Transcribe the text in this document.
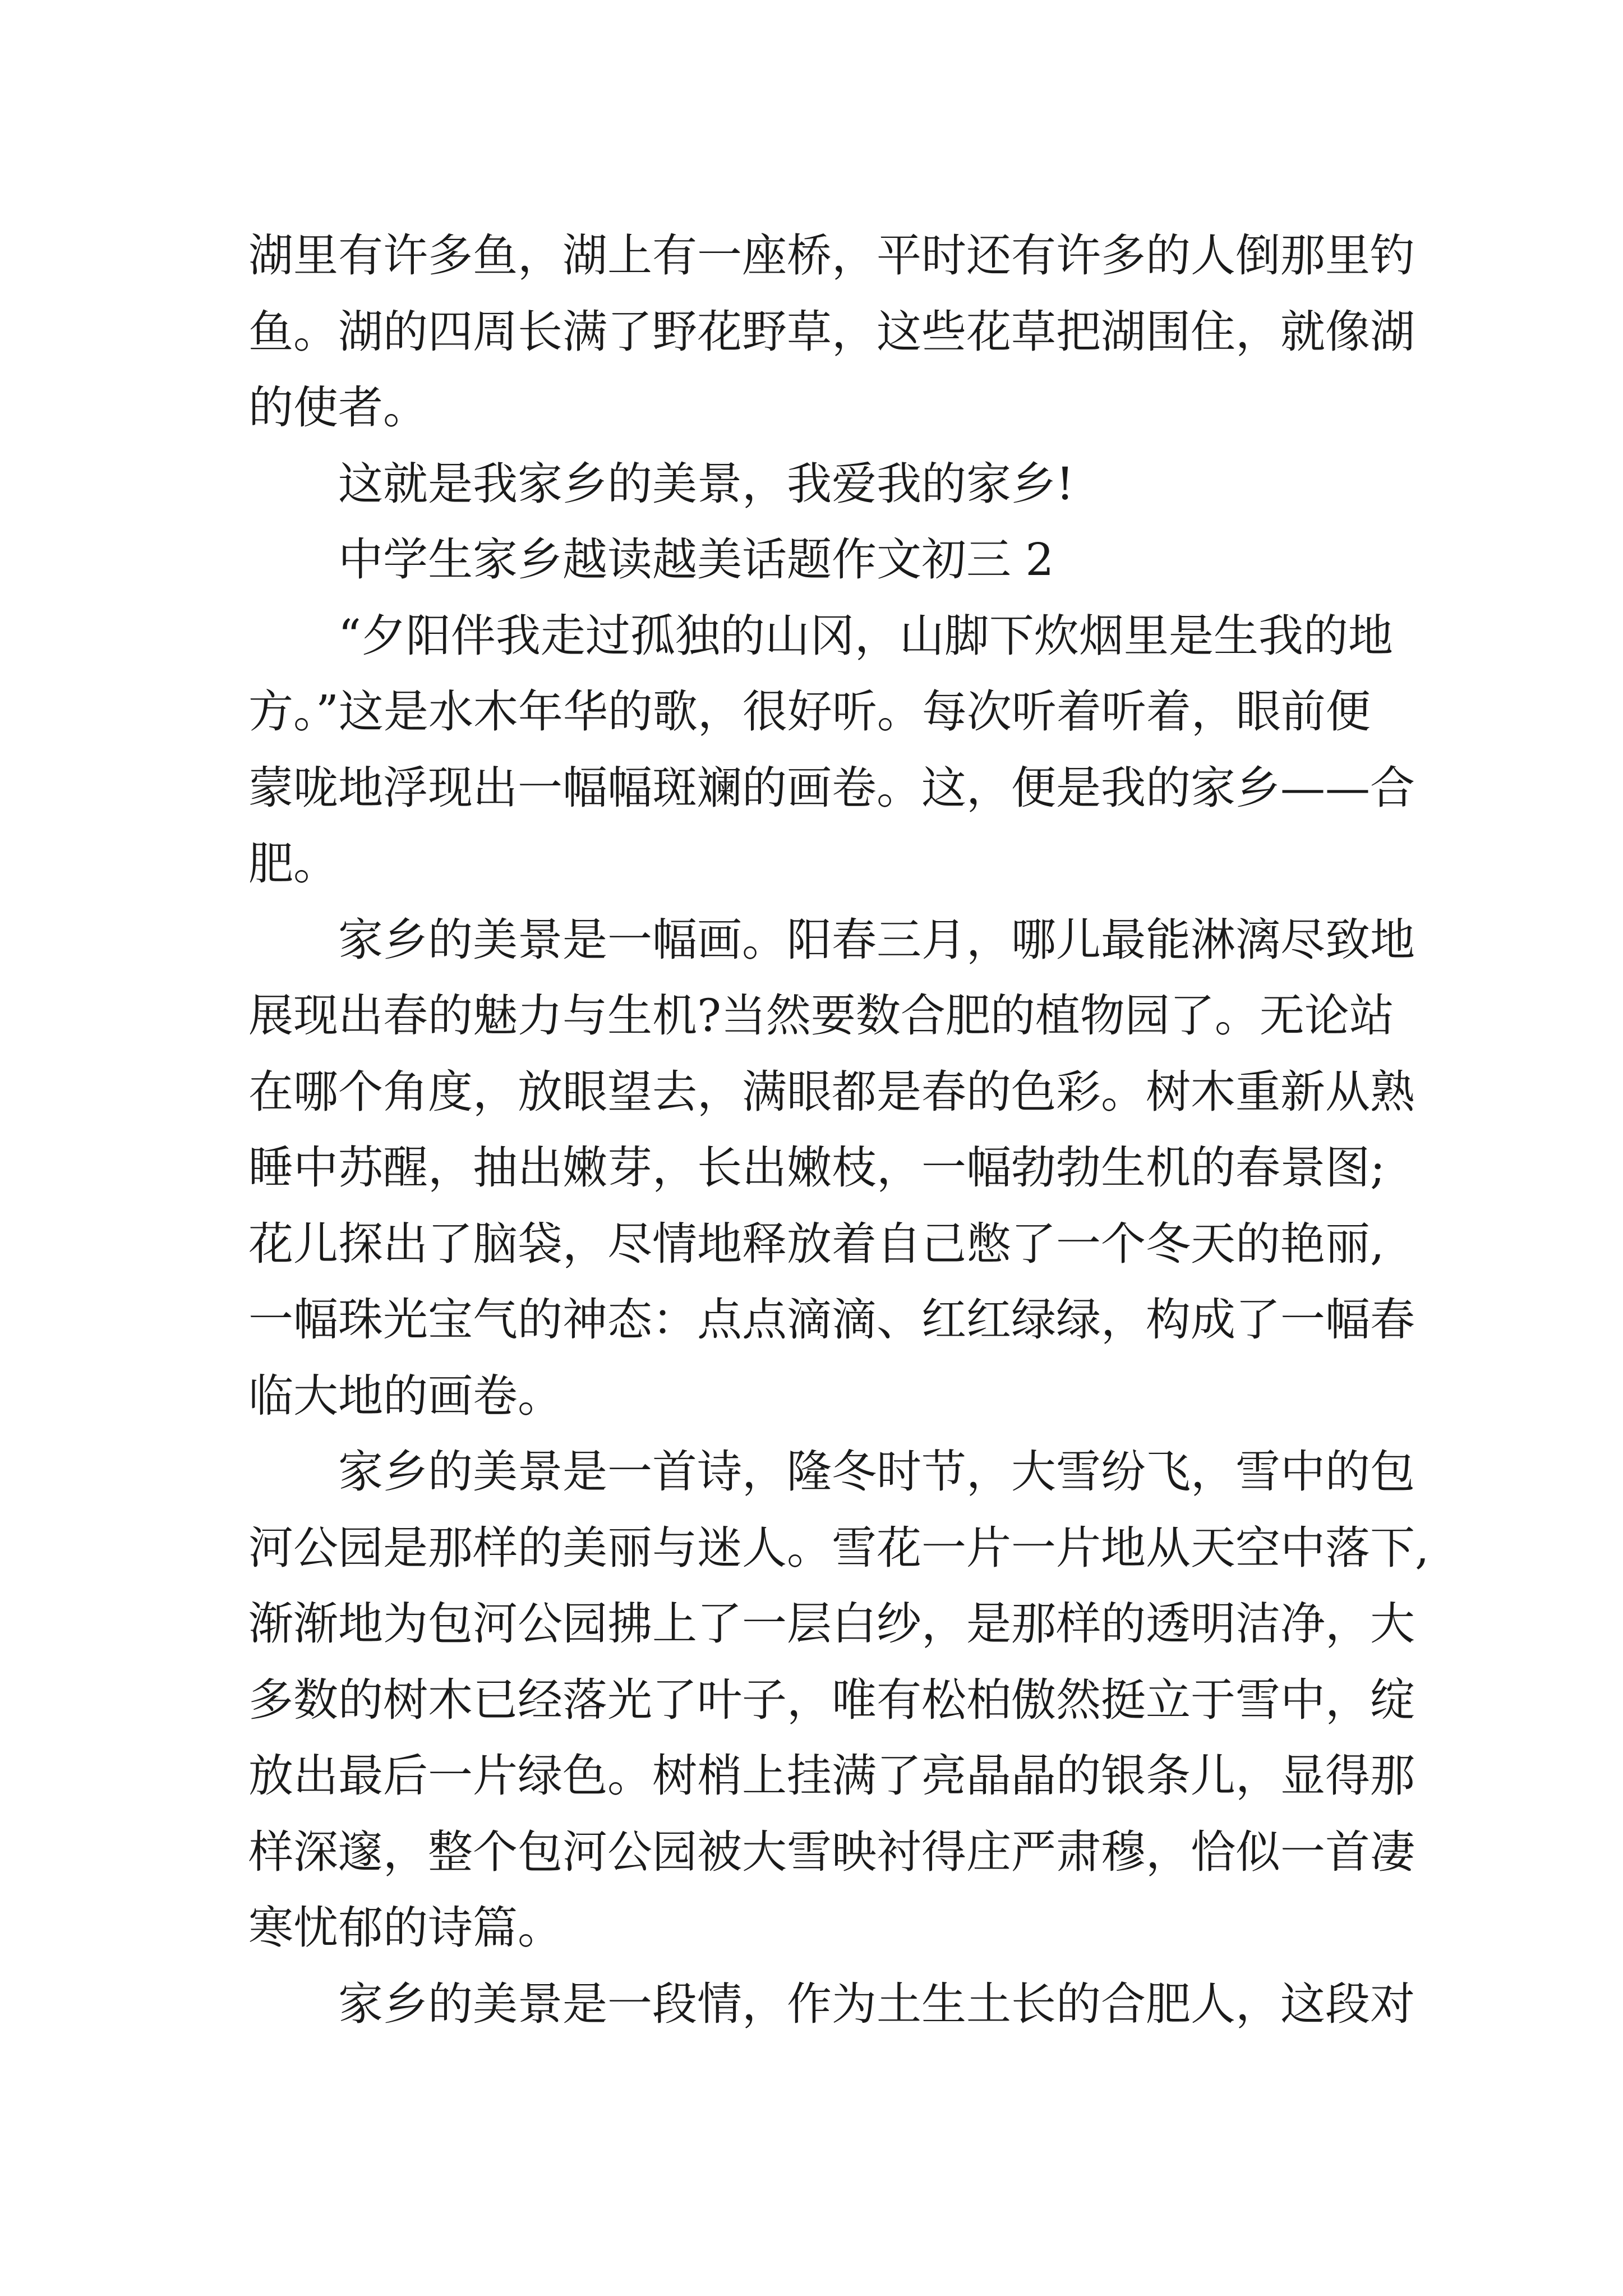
湖里有许多鱼，湖上有一座桥，平时还有许多的人倒那里钓
鱼。湖的四周长满了野花野草，这些花草把湖围住，就像湖
的使者。
这就是我家乡的美景，我爱我的家乡!
中学生家乡越读越美话题作文初三 2
“夕阳伴我走过孤独的山冈，山脚下炊烟里是生我的地
方。”这是水木年华的歌，很好听。每次听着听着，眼前便
蒙咙地浮现出一幅幅斑斓的画卷。这，便是我的家乡——合
肥。
家乡的美景是一幅画。阳春三月，哪儿最能淋漓尽致地
展现出春的魅力与生机?当然要数合肥的植物园了。无论站
在哪个角度，放眼望去，满眼都是春的色彩。树木重新从熟
睡中苏醒，抽出嫩芽，长出嫩枝，一幅勃勃生机的春景图;
花儿探出了脑袋，尽情地释放着自己憋了一个冬天的艳丽,
一幅珠光宝气的神态：点点滴滴、红红绿绿，构成了一幅春
临大地的画卷。
家乡的美景是一首诗，隆冬时节，大雪纷飞，雪中的包
河公园是那样的美丽与迷人。雪花一片一片地从天空中落下,
渐渐地为包河公园拂上了一层白纱，是那样的透明洁净，大
多数的树木已经落光了叶子，唯有松柏傲然挺立于雪中，绽
放出最后一片绿色。树梢上挂满了亮晶晶的银条儿，显得那
样深邃，整个包河公园被大雪映衬得庄严肃穆，恰似一首凄
寒忧郁的诗篇。
家乡的美景是一段情，作为土生土长的合肥人，这段对
